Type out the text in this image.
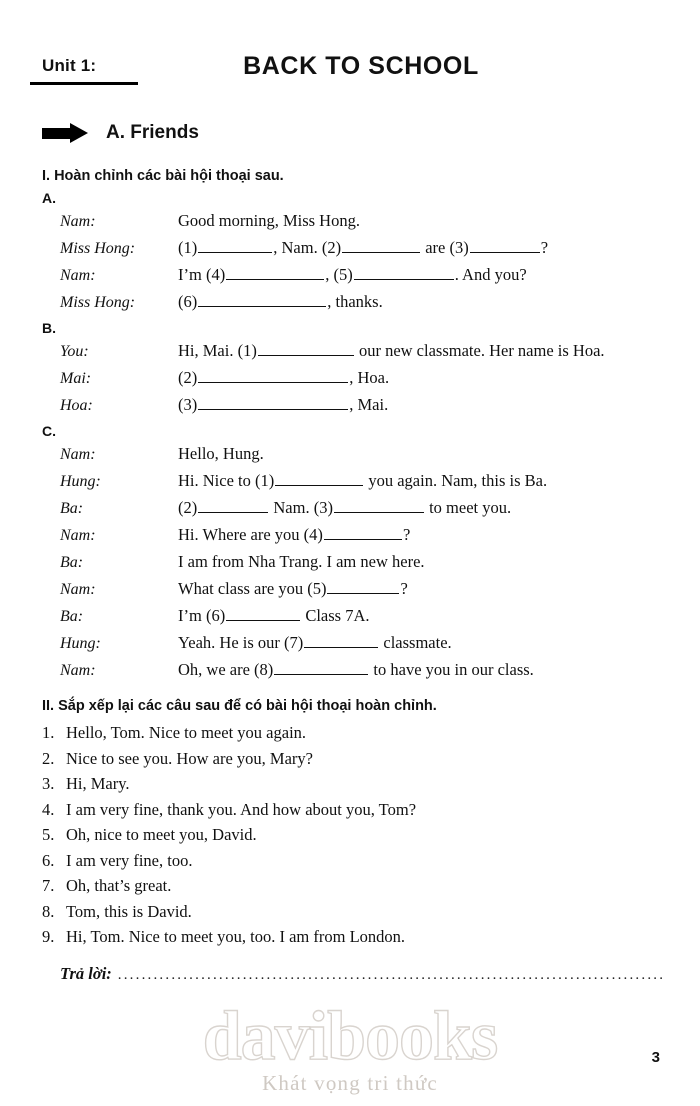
Unit 1:	BACK TO SCHOOL
A. Friends
I. Hoàn chỉnh các bài hội thoại sau.
A.
Nam:	Good morning, Miss Hong.
Miss Hong:	(1)	, Nam. (2)	are (3)	?
Nam:	I’m (4)	, (5)	. And you?
Miss Hong:	(6)	, thanks.
B.
You:	Hi, Mai. (1)	our new classmate. Her name is Hoa.
Mai:	(2)	, Hoa.
Hoa:	(3)	, Mai.
C.
Nam:	Hello, Hung.
Hung:	Hi. Nice to (1)	you again. Nam, this is Ba.
Ba:	(2)	Nam. (3)	to meet you.
Nam:	Hi. Where are you (4)	?
Ba:	I am from Nha Trang. I am new here.
Nam:	What class are you (5)	?
Ba:	I’m (6)	Class 7A.
Hung:	Yeah. He is our (7)	classmate.
Nam:	Oh, we are (8)	to have you in our class.
II. Sắp xếp lại các câu sau để có bài hội thoại hoàn chỉnh.
1. Hello, Tom. Nice to meet you again.
2. Nice to see you. How are you, Mary?
3. Hi, Mary.
4. I am very fine, thank you. And how about you, Tom?
5. Oh, nice to meet you, David.
6. I am very fine, too.
7. Oh, that’s great.
8. Tom, this is David.
9. Hi, Tom. Nice to meet you, too. I am from London.
Trả lời: ............................................................................................
davibooks
Khát vọng tri thức
3
